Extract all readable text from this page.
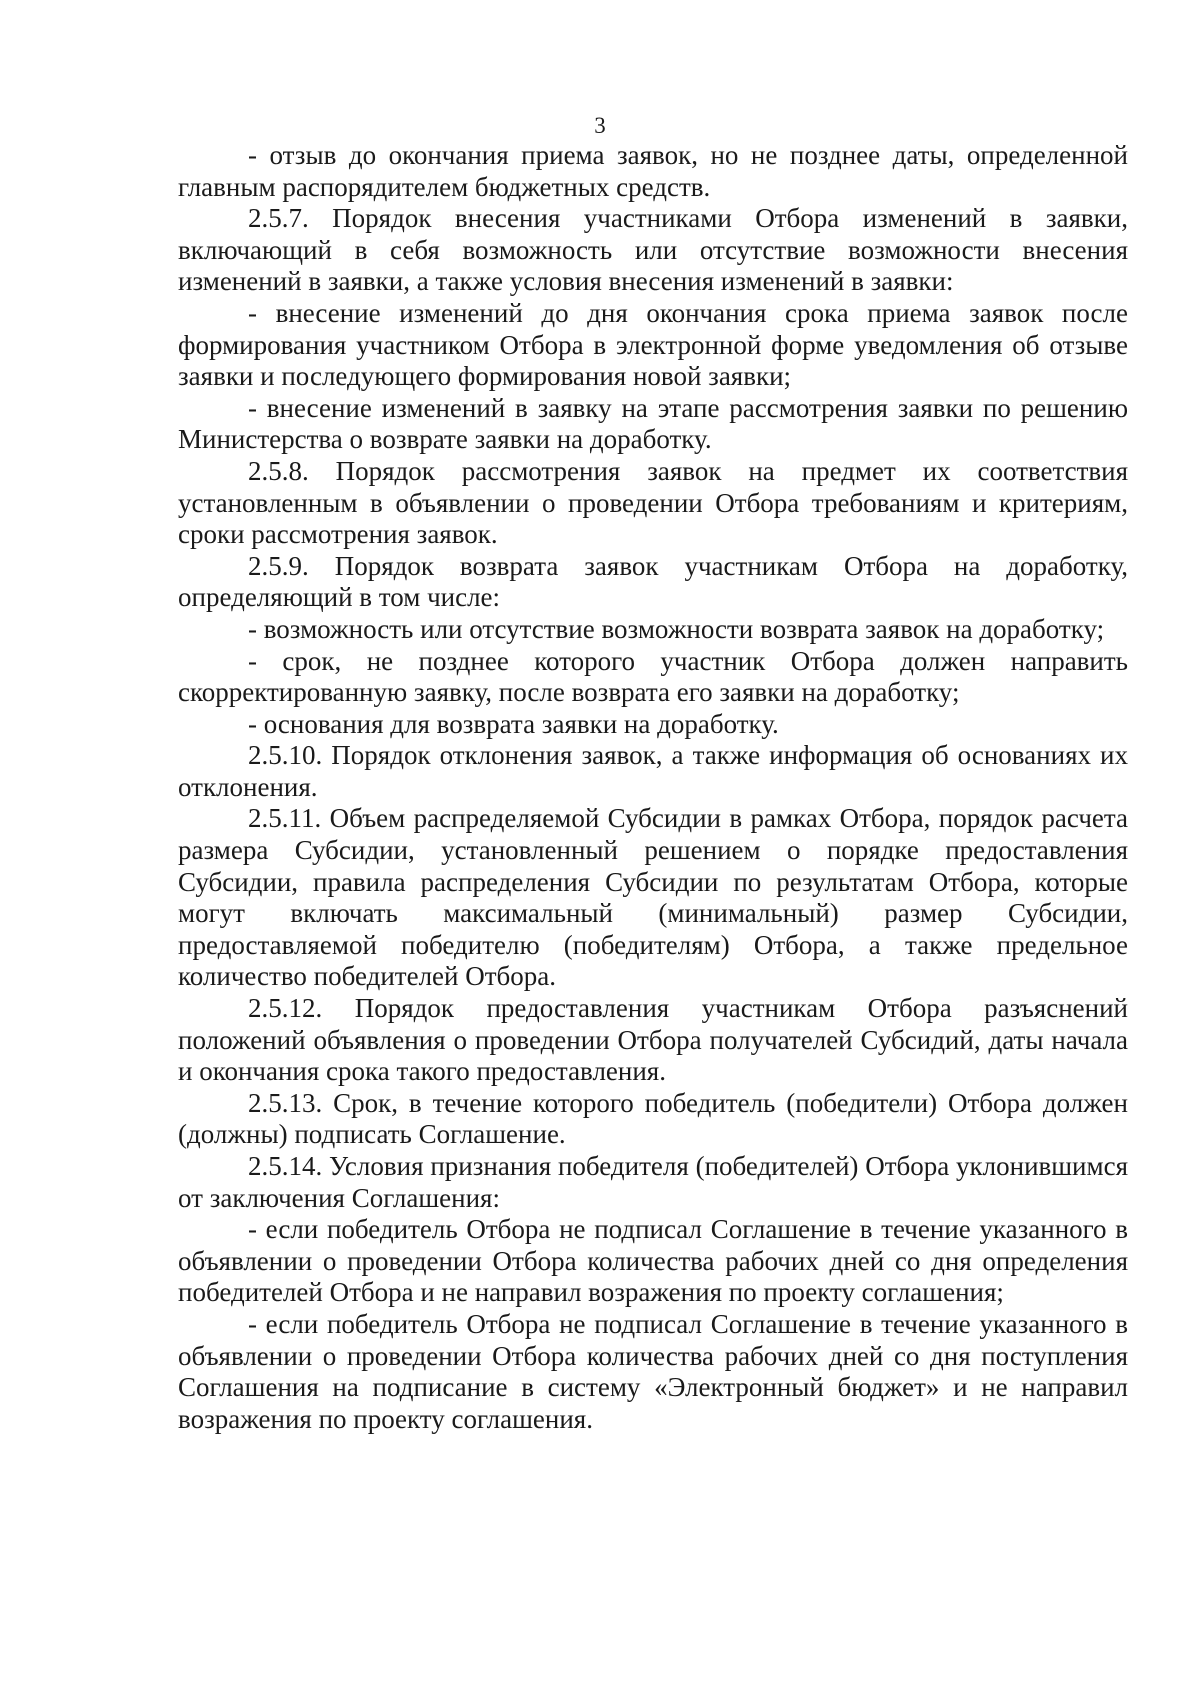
3

- отзыв до окончания приема заявок, но не позднее даты, определенной главным распорядителем бюджетных средств.

2.5.7. Порядок внесения участниками Отбора изменений в заявки, включающий в себя возможность или отсутствие возможности внесения изменений в заявки, а также условия внесения изменений в заявки:

- внесение изменений до дня окончания срока приема заявок после формирования участником Отбора в электронной форме уведомления об отзыве заявки и последующего формирования новой заявки;

- внесение изменений в заявку на этапе рассмотрения заявки по решению Министерства о возврате заявки на доработку.

2.5.8. Порядок рассмотрения заявок на предмет их соответствия установленным в объявлении о проведении Отбора требованиям и критериям, сроки рассмотрения заявок.

2.5.9. Порядок возврата заявок участникам Отбора на доработку, определяющий в том числе:

- возможность или отсутствие возможности возврата заявок на доработку;

- срок, не позднее которого участник Отбора должен направить скорректированную заявку, после возврата его заявки на доработку;

- основания для возврата заявки на доработку.

2.5.10. Порядок отклонения заявок, а также информация об основаниях их отклонения.

2.5.11. Объем распределяемой Субсидии в рамках Отбора, порядок расчета размера Субсидии, установленный решением о порядке предоставления Субсидии, правила распределения Субсидии по результатам Отбора, которые могут включать максимальный (минимальный) размер Субсидии, предоставляемой победителю (победителям) Отбора, а также предельное количество победителей Отбора.

2.5.12. Порядок предоставления участникам Отбора разъяснений положений объявления о проведении Отбора получателей Субсидий, даты начала и окончания срока такого предоставления.

2.5.13. Срок, в течение которого победитель (победители) Отбора должен (должны) подписать Соглашение.

2.5.14. Условия признания победителя (победителей) Отбора уклонившимся от заключения Соглашения:

- если победитель Отбора не подписал Соглашение в течение указанного в объявлении о проведении Отбора количества рабочих дней со дня определения победителей Отбора и не направил возражения по проекту соглашения;

- если победитель Отбора не подписал Соглашение в течение указанного в объявлении о проведении Отбора количества рабочих дней со дня поступления Соглашения на подписание в систему «Электронный бюджет» и не направил возражения по проекту соглашения.
